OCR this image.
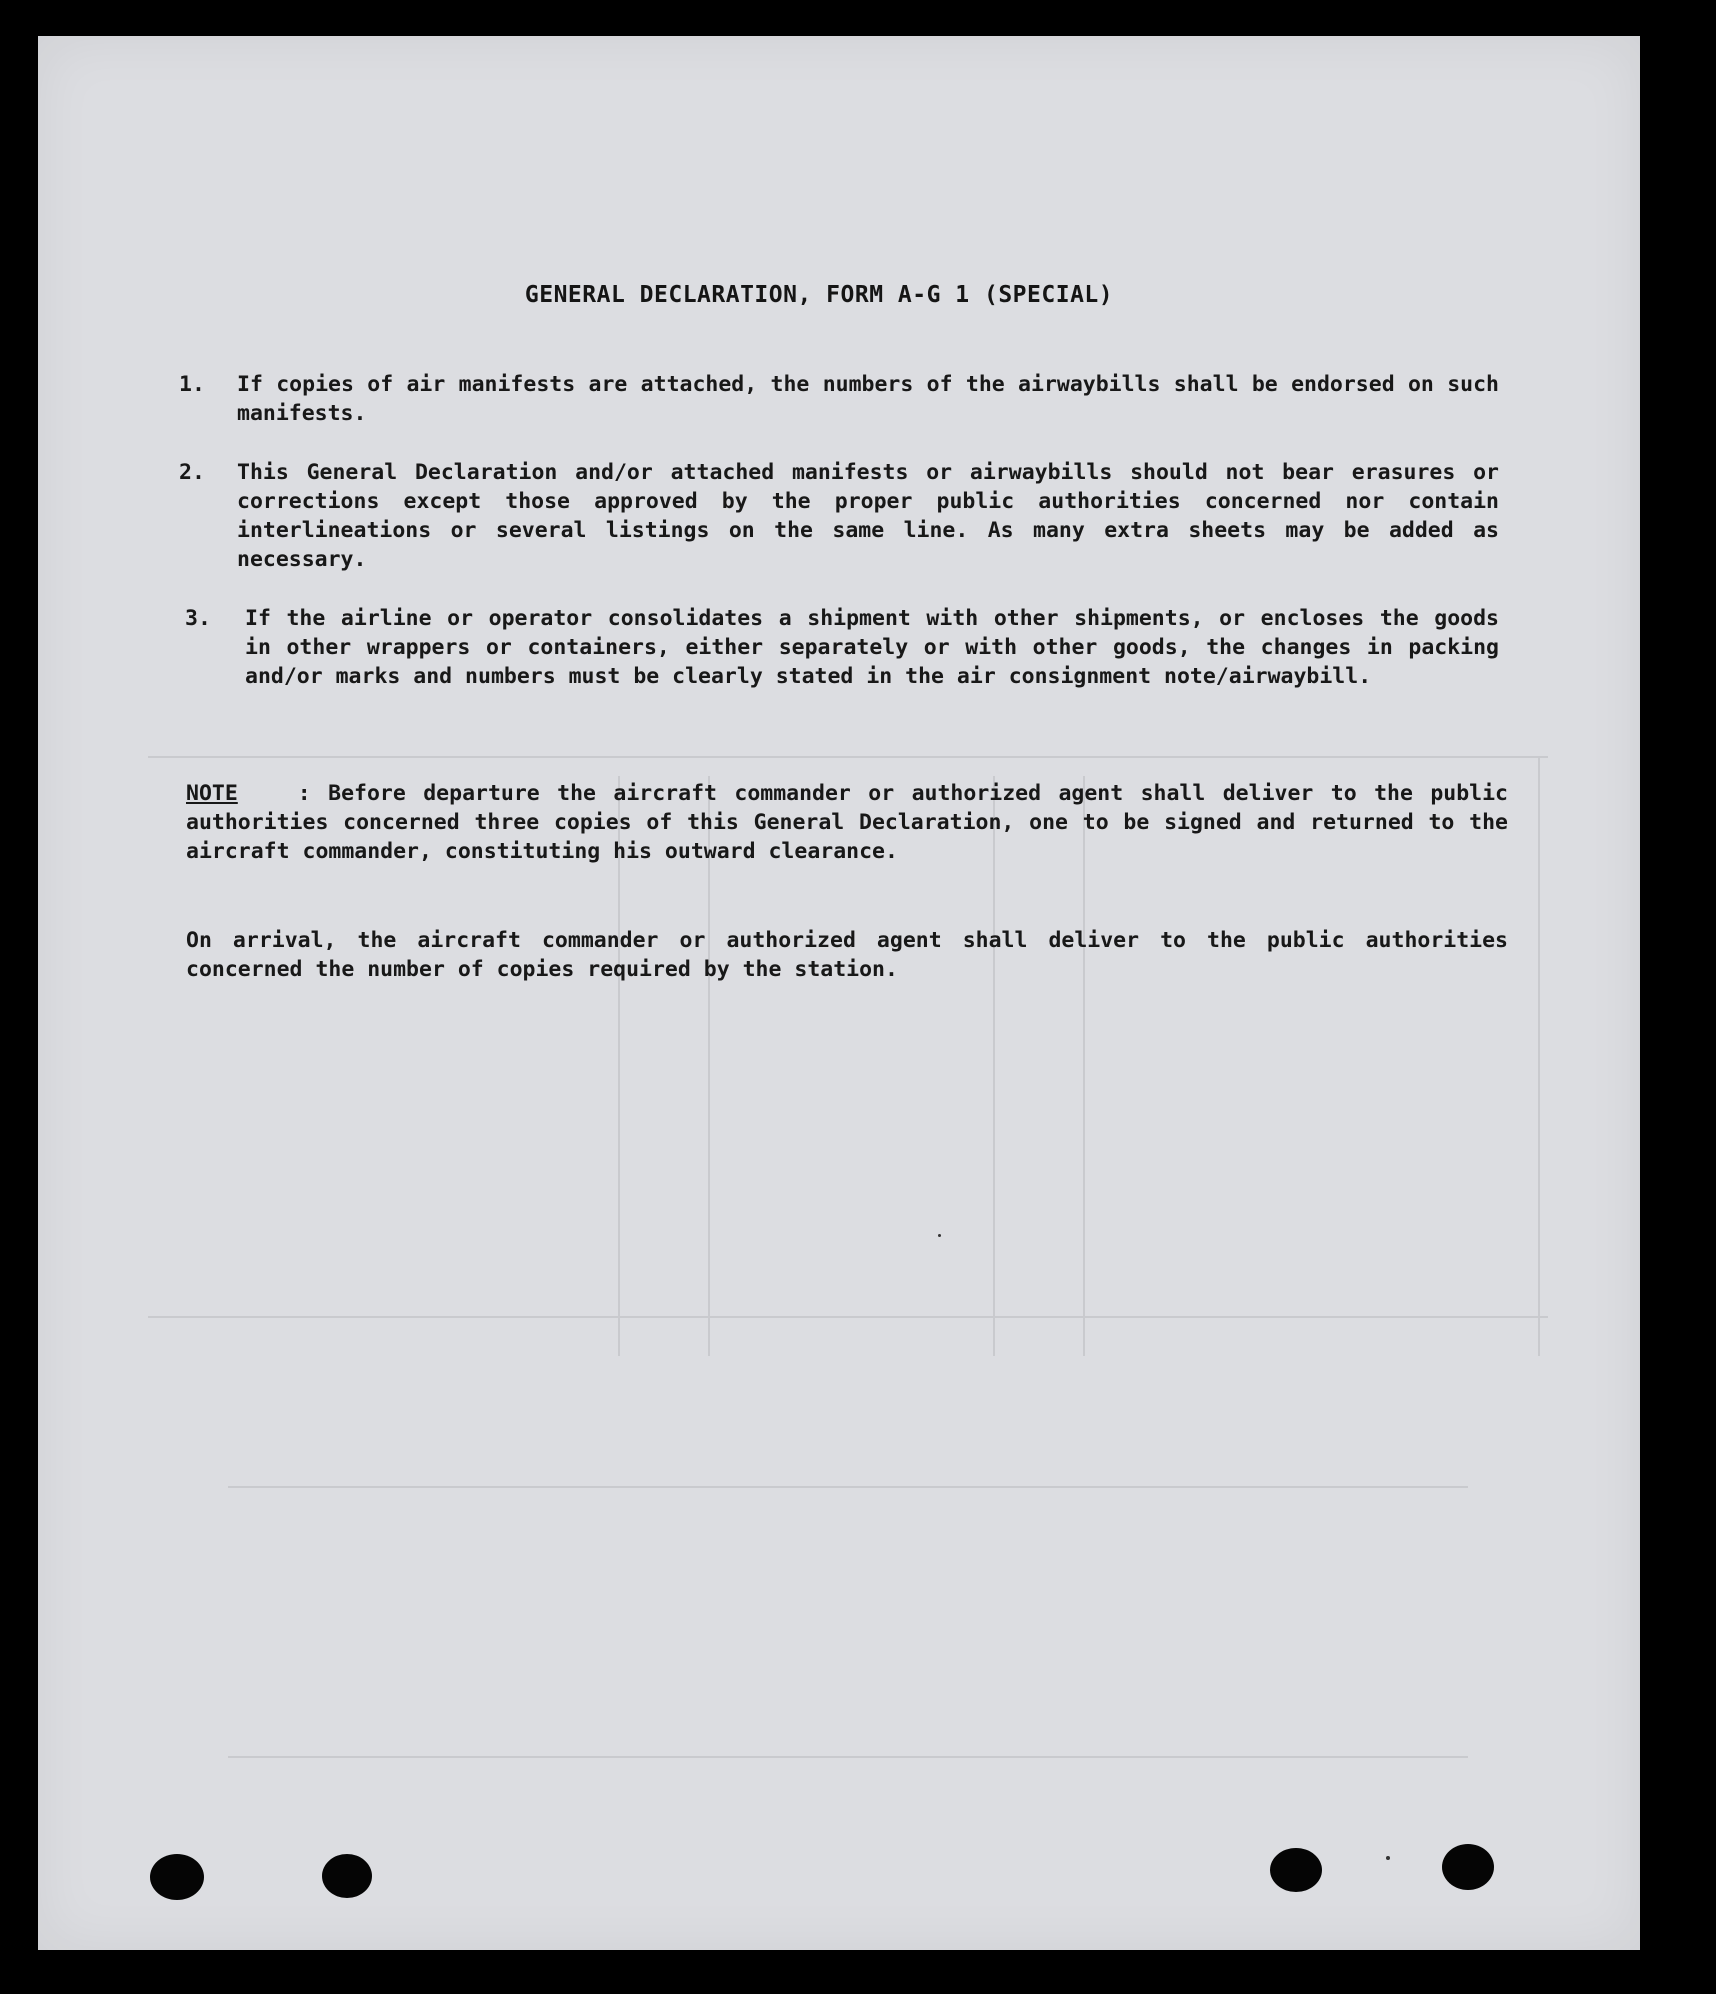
GENERAL DECLARATION, FORM A-G 1 (SPECIAL)
1.	If copies of air manifests are attached, the numbers of the airwaybills shall be endorsed on such manifests.
2.	This General Declaration and/or attached manifests or airwaybills should not bear erasures or corrections except those approved by the proper public authorities concerned nor contain interlineations or several listings on the same line. As many extra sheets may be added as necessary.
3.	If the airline or operator consolidates a shipment with other shipments, or encloses the goods in other wrappers or containers, either separately or with other goods, the changes in packing and/or marks and numbers must be clearly stated in the air consignment note/airwaybill.
NOTE	: Before departure the aircraft commander or authorized agent shall deliver to the public authorities concerned three copies of this General Declaration, one to be signed and returned to the aircraft commander, constituting his outward clearance.
On arrival, the aircraft commander or authorized agent shall deliver to the public authorities concerned the number of copies required by the station.
